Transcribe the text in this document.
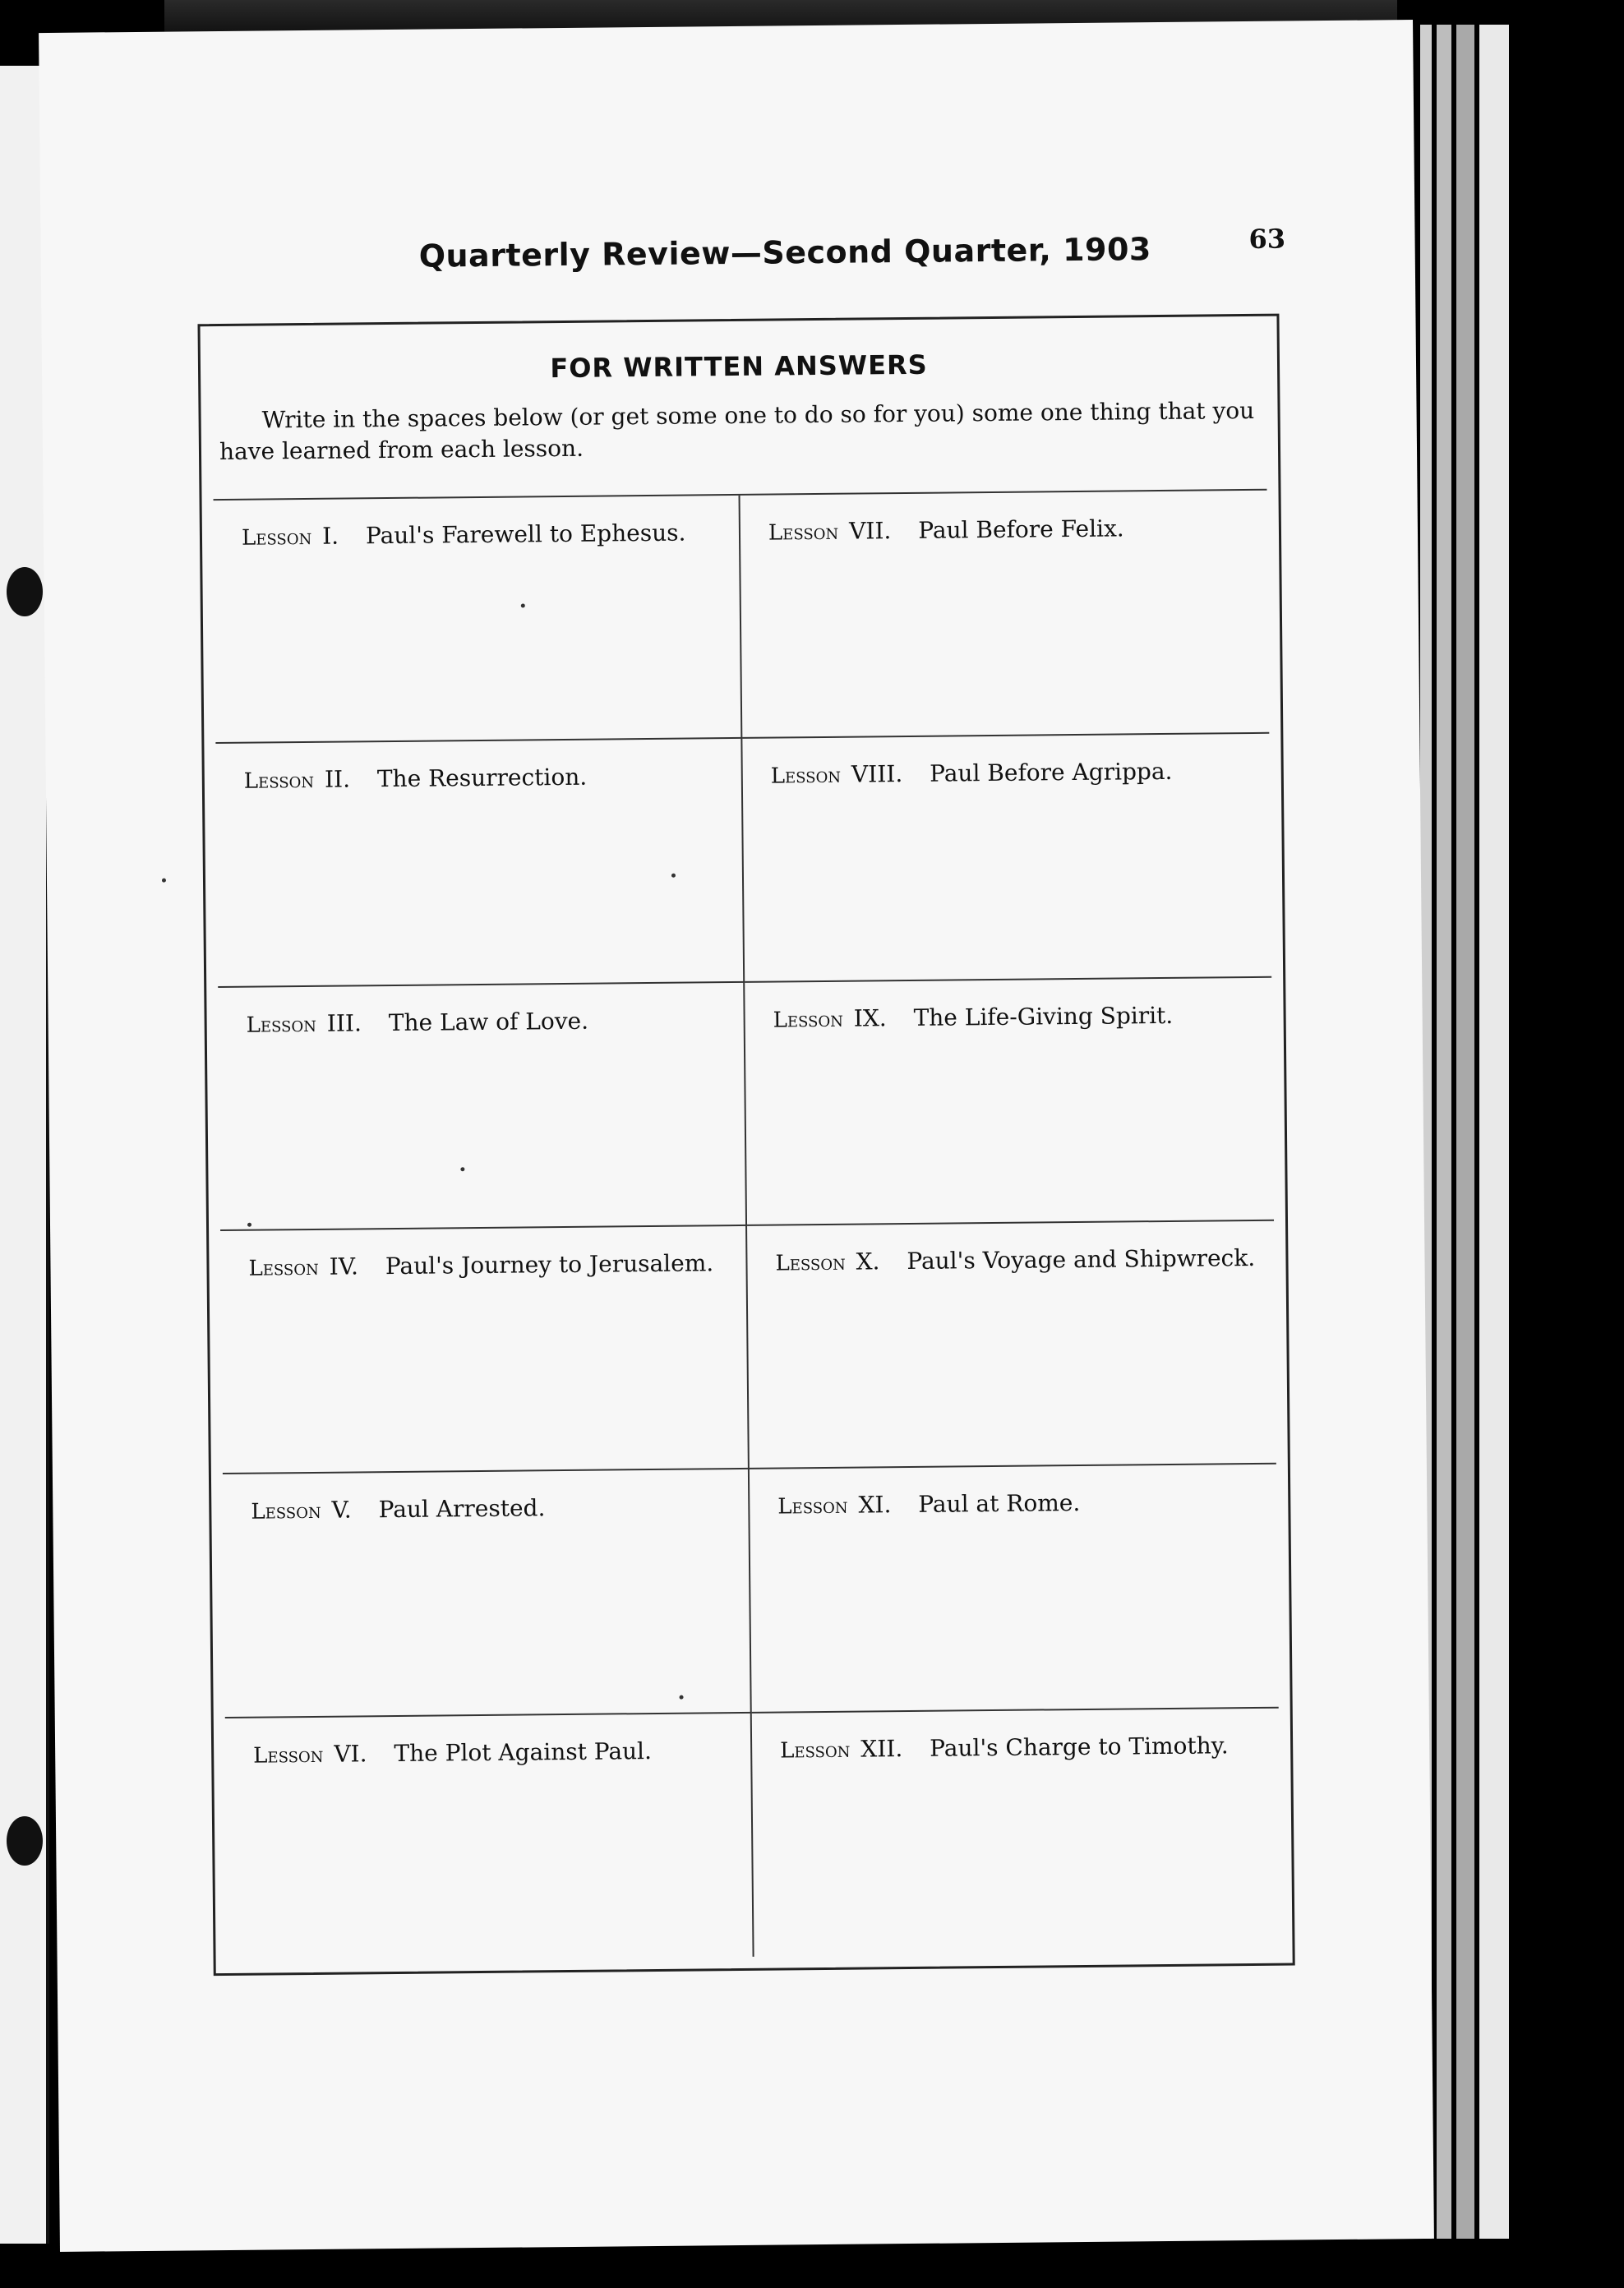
Quarterly Review—Second Quarter, 1903	63
FOR WRITTEN ANSWERS
Write in the spaces below (or get some one to do so for you) some one thing that you have learned from each lesson.
Lesson I. Paul's Farewell to Ephesus.	Lesson VII. Paul Before Felix.
Lesson II. The Resurrection.	Lesson VIII. Paul Before Agrippa.
Lesson III. The Law of Love.	Lesson IX. The Life-Giving Spirit.
Lesson IV. Paul's Journey to Jerusalem.	Lesson X. Paul's Voyage and Shipwreck.
Lesson V. Paul Arrested.	Lesson XI. Paul at Rome.
Lesson VI. The Plot Against Paul.	Lesson XII. Paul's Charge to Timothy.
